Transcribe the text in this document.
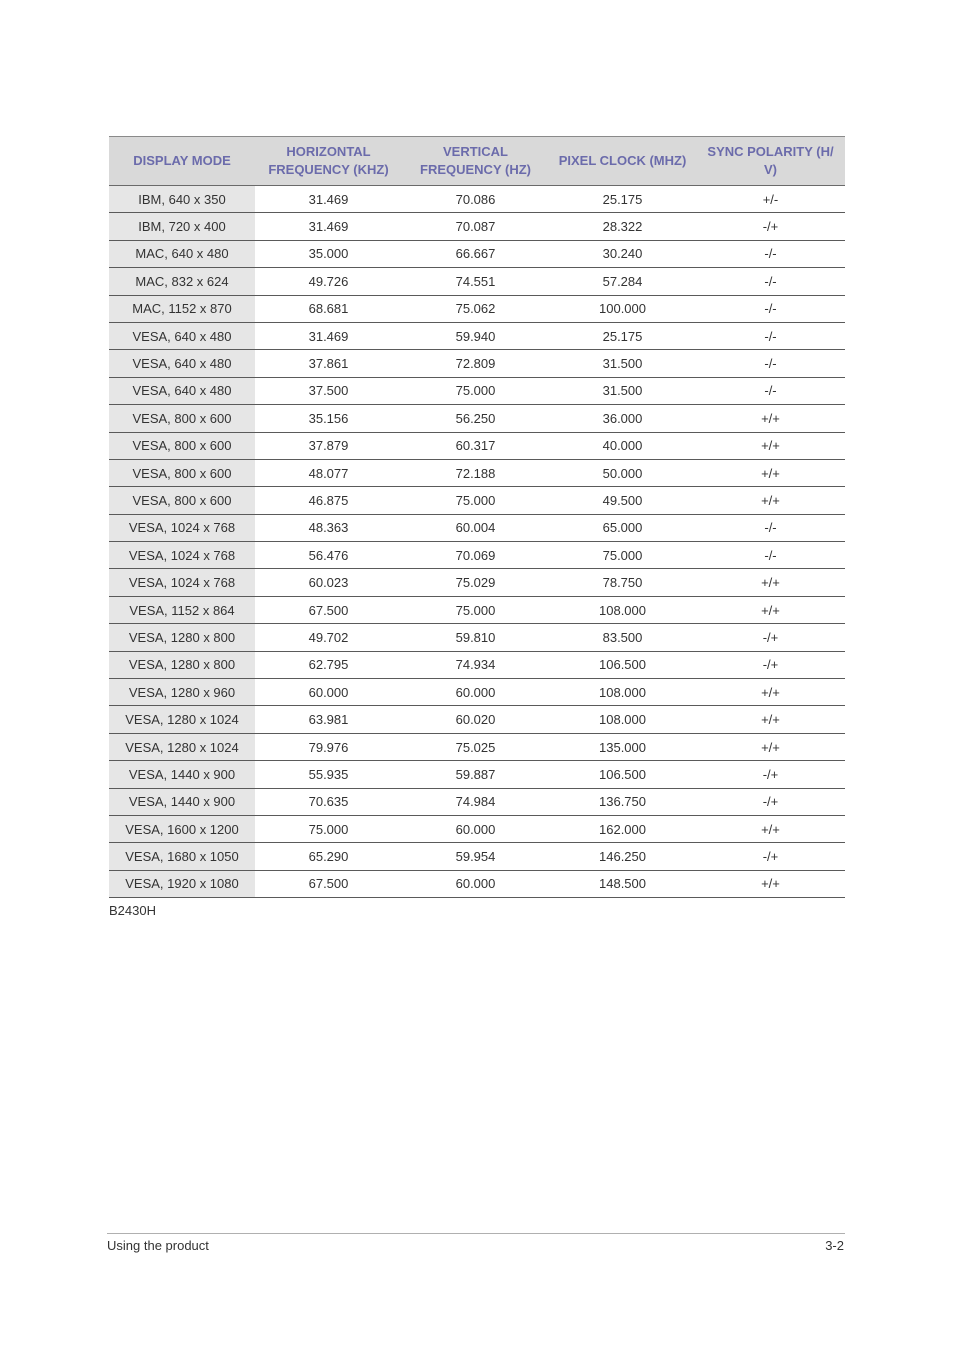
DISPLAY MODE	HORIZONTAL FREQUENCY (KHZ)	VERTICAL FREQUENCY (HZ)	PIXEL CLOCK (MHZ)	SYNC POLARITY (H/ V)
IBM, 640 x 350	31.469	70.086	25.175	+/-
IBM, 720 x 400	31.469	70.087	28.322	-/+
MAC, 640 x 480	35.000	66.667	30.240	-/-
MAC, 832 x 624	49.726	74.551	57.284	-/-
MAC, 1152 x 870	68.681	75.062	100.000	-/-
VESA, 640 x 480	31.469	59.940	25.175	-/-
VESA, 640 x 480	37.861	72.809	31.500	-/-
VESA, 640 x 480	37.500	75.000	31.500	-/-
VESA, 800 x 600	35.156	56.250	36.000	+/+
VESA, 800 x 600	37.879	60.317	40.000	+/+
VESA, 800 x 600	48.077	72.188	50.000	+/+
VESA, 800 x 600	46.875	75.000	49.500	+/+
VESA, 1024 x 768	48.363	60.004	65.000	-/-
VESA, 1024 x 768	56.476	70.069	75.000	-/-
VESA, 1024 x 768	60.023	75.029	78.750	+/+
VESA, 1152 x 864	67.500	75.000	108.000	+/+
VESA, 1280 x 800	49.702	59.810	83.500	-/+
VESA, 1280 x 800	62.795	74.934	106.500	-/+
VESA, 1280 x 960	60.000	60.000	108.000	+/+
VESA, 1280 x 1024	63.981	60.020	108.000	+/+
VESA, 1280 x 1024	79.976	75.025	135.000	+/+
VESA, 1440 x 900	55.935	59.887	106.500	-/+
VESA, 1440 x 900	70.635	74.984	136.750	-/+
VESA, 1600 x 1200	75.000	60.000	162.000	+/+
VESA, 1680 x 1050	65.290	59.954	146.250	-/+
VESA, 1920 x 1080	67.500	60.000	148.500	+/+
B2430H
Using the product	3-2
